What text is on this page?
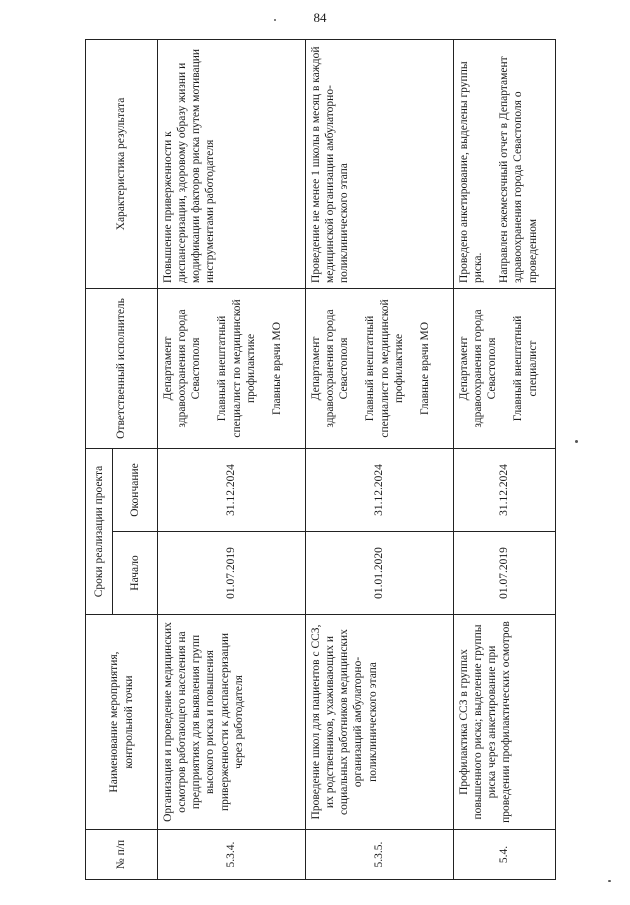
84
№ п/п	Наименование мероприятия, контрольной точки	Сроки реализации проекта		Ответственный исполнитель	Характеристика результата
		Начало	Окончание		
5.3.4.	Организация и проведение медицинских осмотров работающего населения на предприятиях для выявления групп высокого риска и повышения приверженности к диспансеризации через работодателя	01.07.2019	31.12.2024	Департамент здравоохранения города Севастополя Главный внештатный специалист по медицинской профилактике Главные врачи МО	Повышение приверженности к диспансеризации, здоровому образу жизни и модификации факторов риска путем мотивации инструментами работодателя

5.3.5.	Проведение школ для пациентов с ССЗ, их родственников, ухаживающих и социальных работников медицинских организаций амбулаторно-поликлинического этапа	01.01.2020	31.12.2024	Департамент здравоохранения города Севастополя Главный внештатный специалист по медицинской профилактике Главные врачи МО	Проведение не менее 1 школы в месяц в каждой медицинской организации амбулаторно-поликлинического этапа

5.4.	Профилактика ССЗ в группах повышенного риска; выделение группы риска через анкетирование при проведении профилактических осмотров	01.07.2019	31.12.2024	Департамент здравоохранения города Севастополя Главный внештатный специалист	Проведено анкетирование, выделены группы риска. Направлен ежемесячный отчет в Департамент здравоохранения города Севастополя о проведенном
